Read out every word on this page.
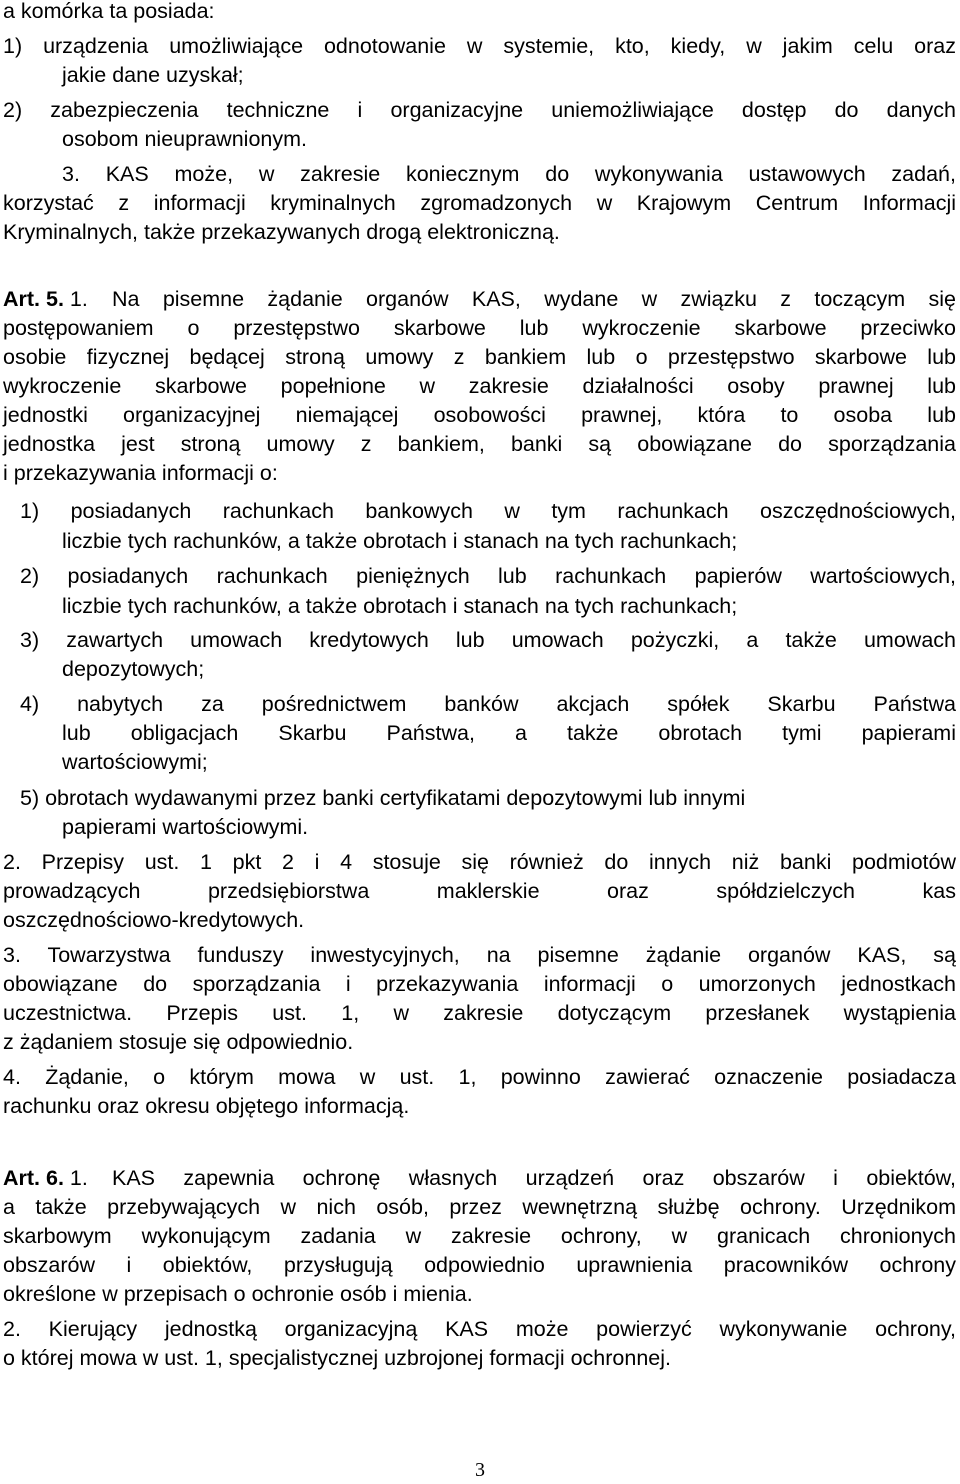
a komórka ta posiada:
1) urządzenia umożliwiające odnotowanie w systemie, kto, kiedy, w jakim celu oraz
jakie dane uzyskał;
2) zabezpieczenia techniczne i organizacyjne uniemożliwiające dostęp do danych
osobom nieuprawnionym.
3. KAS może, w zakresie koniecznym do wykonywania ustawowych zadań,
korzystać z informacji kryminalnych zgromadzonych w Krajowym Centrum Informacji
Kryminalnych, także przekazywanych drogą elektroniczną.
Art. 5. 1. Na pisemne żądanie organów KAS, wydane w związku z toczącym się
postępowaniem o przestępstwo skarbowe lub wykroczenie skarbowe przeciwko
osobie fizycznej będącej stroną umowy z bankiem lub o przestępstwo skarbowe lub
wykroczenie skarbowe popełnione w zakresie działalności osoby prawnej lub
jednostki organizacyjnej niemającej osobowości prawnej, która to osoba lub
jednostka jest stroną umowy z bankiem, banki są obowiązane do sporządzania
i przekazywania informacji o:
1) posiadanych rachunkach bankowych w tym rachunkach oszczędnościowych,
liczbie tych rachunków, a także obrotach i stanach na tych rachunkach;
2) posiadanych rachunkach pieniężnych lub rachunkach papierów wartościowych,
liczbie tych rachunków, a także obrotach i stanach na tych rachunkach;
3) zawartych umowach kredytowych lub umowach pożyczki, a także umowach
depozytowych;
4) nabytych za pośrednictwem banków akcjach spółek Skarbu Państwa
lub obligacjach Skarbu Państwa, a także obrotach tymi papierami
wartościowymi;
5) obrotach wydawanymi przez banki certyfikatami depozytowymi lub innymi
papierami wartościowymi.
2. Przepisy ust. 1 pkt 2 i 4 stosuje się również do innych niż banki podmiotów
prowadzących przedsiębiorstwa maklerskie oraz spółdzielczych kas
oszczędnościowo-kredytowych.
3. Towarzystwa funduszy inwestycyjnych, na pisemne żądanie organów KAS, są
obowiązane do sporządzania i przekazywania informacji o umorzonych jednostkach
uczestnictwa. Przepis ust. 1, w zakresie dotyczącym przesłanek wystąpienia
z żądaniem stosuje się odpowiednio.
4. Żądanie, o którym mowa w ust. 1, powinno zawierać oznaczenie posiadacza
rachunku oraz okresu objętego informacją.
Art. 6. 1. KAS zapewnia ochronę własnych urządzeń oraz obszarów i obiektów,
a także przebywających w nich osób, przez wewnętrzną służbę ochrony. Urzędnikom
skarbowym wykonującym zadania w zakresie ochrony, w granicach chronionych
obszarów i obiektów, przysługują odpowiednio uprawnienia pracowników ochrony
określone w przepisach o ochronie osób i mienia.
2. Kierujący jednostką organizacyjną KAS może powierzyć wykonywanie ochrony,
o której mowa w ust. 1, specjalistycznej uzbrojonej formacji ochronnej.
3
